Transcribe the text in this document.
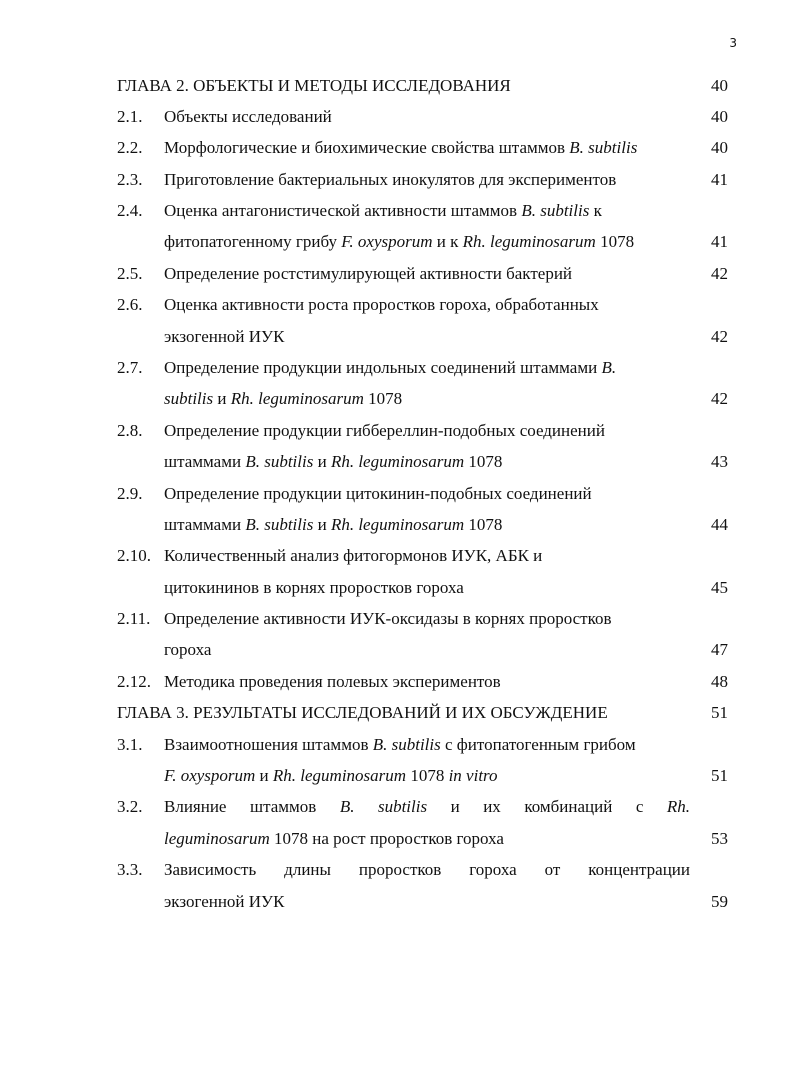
3
ГЛАВА 2. ОБЪЕКТЫ И МЕТОДЫ ИССЛЕДОВАНИЯ	40
2.1. Объекты исследований	40
2.2. Морфологические и биохимические свойства штаммов B. subtilis	40
2.3. Приготовление бактериальных инокулятов для экспериментов	41
2.4. Оценка антагонистической активности штаммов B. subtilis к
фитопатогенному грибу F. oxysporum и к Rh. leguminosarum 1078	41
2.5. Определение ростстимулирующей активности бактерий	42
2.6. Оценка активности роста проростков гороха, обработанных
экзогенной ИУК	42
2.7. Определение продукции индольных соединений штаммами B.
subtilis и Rh. leguminosarum 1078	42
2.8. Определение продукции гиббереллин-подобных соединений
штаммами B. subtilis и Rh. leguminosarum 1078	43
2.9. Определение продукции цитокинин-подобных соединений
штаммами B. subtilis и Rh. leguminosarum 1078	44
2.10. Количественный анализ фитогормонов ИУК, АБК и
цитокининов в корнях проростков гороха	45
2.11. Определение активности ИУК-оксидазы в корнях проростков
гороха	47
2.12. Методика проведения полевых экспериментов	48
ГЛАВА 3. РЕЗУЛЬТАТЫ ИССЛЕДОВАНИЙ И ИХ ОБСУЖДЕНИЕ	51
3.1. Взаимоотношения штаммов B. subtilis с фитопатогенным грибом
F. oxysporum и Rh. leguminosarum 1078 in vitro	51
3.2. Влияние штаммов B. subtilis и их комбинаций с Rh.
leguminosarum 1078 на рост проростков гороха	53
3.3. Зависимость длины проростков гороха от концентрации
экзогенной ИУК	59
